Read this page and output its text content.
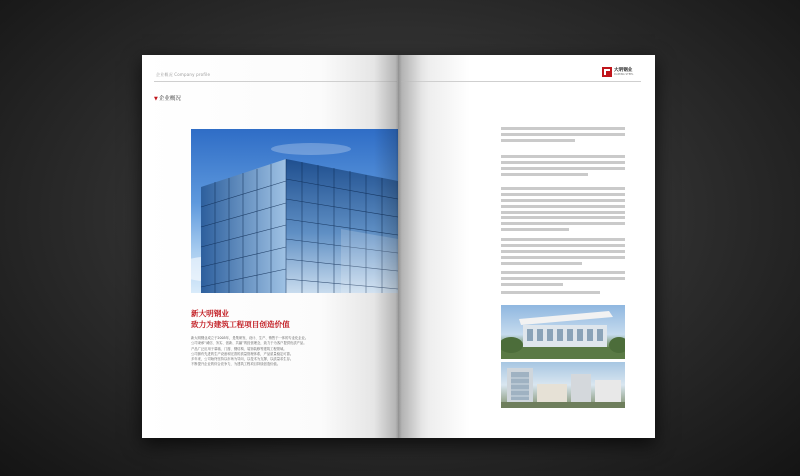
企业概况 Company profile
▼企业概况
新大明钢业
致力为建筑工程项目创造价值
新大明钢业成立于2005年，是集研发、设计、生产、销售于一体的专业化企业。
公司秉承“诚信、务实、创新、共赢”的经营理念，致力于为客户提供优质产品。
产品广泛应用于幕墙、门窗、钢结构、装饰装修等建筑工程领域。
公司拥有先进的生产设备和完善的质量管理体系，产品质量稳定可靠。
多年来，公司始终坚持以市场为导向，以技术为支撑，以质量求生存。
不断提升企业的综合竞争力，为建筑工程项目持续创造价值。
大明钢业
DAMING STEEL
